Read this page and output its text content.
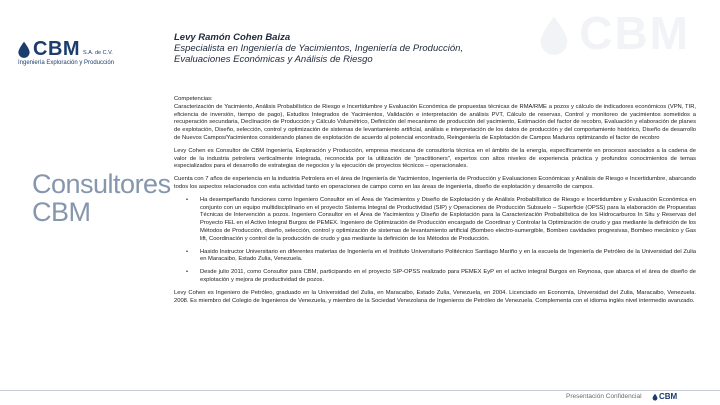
CBM
CBM S.A. de C.V.
Ingeniería Exploración y Producción
Consultores
CBM
Levy Ramón Cohen Baiza
Especialista en Ingeniería de Yacimientos, Ingeniería de Producción,
Evaluaciones Económicas y Análisis de Riesgo

Competencias:
Caracterización de Yacimiento, Análisis Probabilístico de Riesgo e Incertidumbre y Evaluación Económica de propuestas técnicas de RMA/RME a pozos y cálculo de indicadores económicos (VPN, TIR, eficiencia de inversión, tiempo de pago), Estudios Integrados de Yacimientos, Validación e interpretación de análisis PVT, Cálculo de reservas, Control y monitoreo de yacimientos sometidos a recuperación secundaria, Declinación de Producción y Cálculo Volumétrico, Definición del mecanismo de producción del yacimiento, Estimación del factor de recobro, Evaluación y elaboración de planes de explotación, Diseño, selección, control y optimización de sistemas de levantamiento artificial, análisis e interpretación de los datos de producción y del comportamiento histórico, Diseño de desarrollo de Nuevos Campos/Yacimientos considerando planes de explotación de acuerdo al potencial encontrado, Reingeniería de Explotación de Campos Maduros optimizando el factor de recobro

Levy Cohen es Consultor de CBM Ingeniería, Exploración y Producción, empresa mexicana de consultoría técnica en el ámbito de la energía, específicamente en procesos asociados a la cadena de valor de la industria petrolera verticalmente integrada, reconocida por la utilización de "practitioners", expertos con altos niveles de experiencia práctica y profundos conocimientos de temas especializados para el desarrollo de estrategias de negocios y la ejecución de proyectos técnicos – operacionales.

Cuenta con 7 años de experiencia en la industria Petrolera en el área de Ingeniería de Yacimientos, Ingeniería de Producción y Evaluaciones Económicas y Análisis de Riesgo e Incertidumbre, abarcando todos los aspectos relacionados con esta actividad tanto en operaciones de campo como en las áreas de ingeniería, diseño de explotación y desarrollo de campos.

• Ha desempeñando funciones como Ingeniero Consultor en el Área de Yacimientos y Diseño de Explotación y de Análisis Probabilístico de Riesgo e Incertidumbre y Evaluación Económica en conjunto con un equipo multidisciplinario en el proyecto Sistema Integral de Productividad (SIP) y Operaciones de Producción Subsuelo – Superficie (OPSS) para la elaboración de Propuestas Técnicas de Intervención a pozos. Ingeniero Consultor en el Área de Yacimientos y Diseño de Explotación para la Caracterización Probabilística de los Hidrocarburos In Situ y Reservas del Proyecto FEL en el Activo Integral Burgos de PEMEX. Ingeniero de Optimización de Producción encargado de Coordinar y Controlar la Optimización de crudo y gas mediante la definición de los Métodos de Producción, diseño, selección, control y optimización de sistemas de levantamiento artificial (Bombeo electro-sumergible, Bombeo cavidades progresivas, Bombeo mecánico y Gas lift, Coordinación y control de la producción de crudo y gas mediante la definición de los Métodos de Producción.
• Hasido Instructor Universitario en diferentes materias de Ingeniería en el Instituto Universitario Politécnico Santiago Mariño y en la escuela de Ingeniería de Petróleo de la Universidad del Zulia en Maracaibo, Estado Zulia, Venezuela.
• Desde julio 2011, como Consultor para CBM, participando en el proyecto SIP-OPSS realizado para PEMEX EyP en el activo integral Burgos en Reynosa, que abarca el el área de diseño de explotación y mejora de productividad de pozos.

Levy Cohen es Ingeniero de Petróleo, graduado en la Universidad del Zulia, en Maracaibo, Estado Zulia, Venezuela, en 2004. Licenciado en Economía, Universidad del Zulia, Maracaibo, Venezuela. 2008. Es miembro del Colegio de Ingenieros de Venezuela, y miembro de la Sociedad Venezolana de Ingenieros de Petróleo de Venezuela. Complementa con el idioma inglés nivel intermedio avanzado.

Presentación Confidencial CBM
